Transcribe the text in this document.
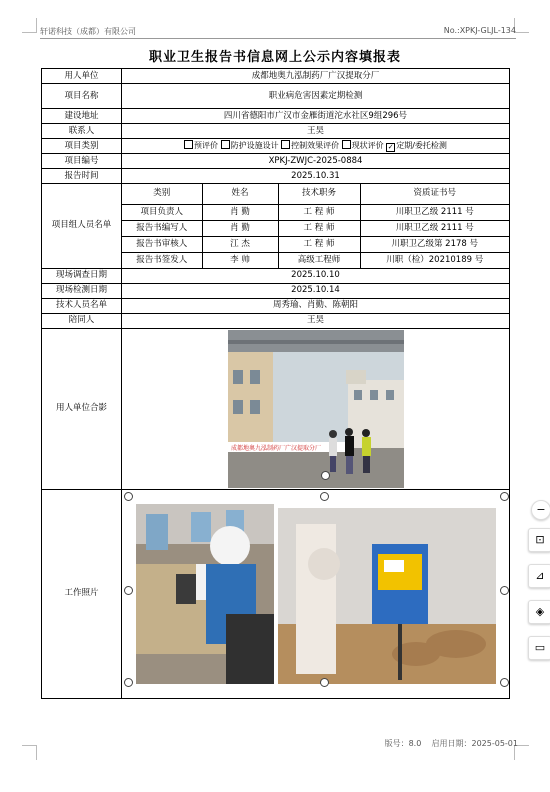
轩诺科技（成都）有限公司	No.:XPKJ-GLJL-134
职业卫生报告书信息网上公示内容填报表
用人单位	成都地奥九泓制药厂广汉提取分厂
项目名称	职业病危害因素定期检测
建设地址	四川省德阳市广汉市金雁街道沱水社区9组296号
联系人	王昊
项目类别	预评价 防护设施设计 控制效果评价 现状评价 ✓ 定期/委托检测
项目编号	XPKJ-ZWJC-2025-0884
报告时间	2025.10.31
项目组人员名单	
类别	姓名	技术职务	资质证书号
项目负责人	肖 勤	工 程 师	川职卫乙级 2111 号
报告书编写人	肖 勤	工 程 师	川职卫乙级 2111 号
报告书审核人	江 杰	工 程 师	川职卫乙级第 2178 号
报告书签发人	李 帅	高级工程师	川职（检）20210189 号

现场调查日期	2025.10.10
现场检测日期	2025.10.14
技术人员名单	周秀瑜、肖勤、陈朝阳
陪同人	王昊
用人单位合影	
成都地奥九泓制药厂广汉提取分厂

工作照片	
−
⊡
⊿
◈
▭
版号：8.0 启用日期：2025-05-01
